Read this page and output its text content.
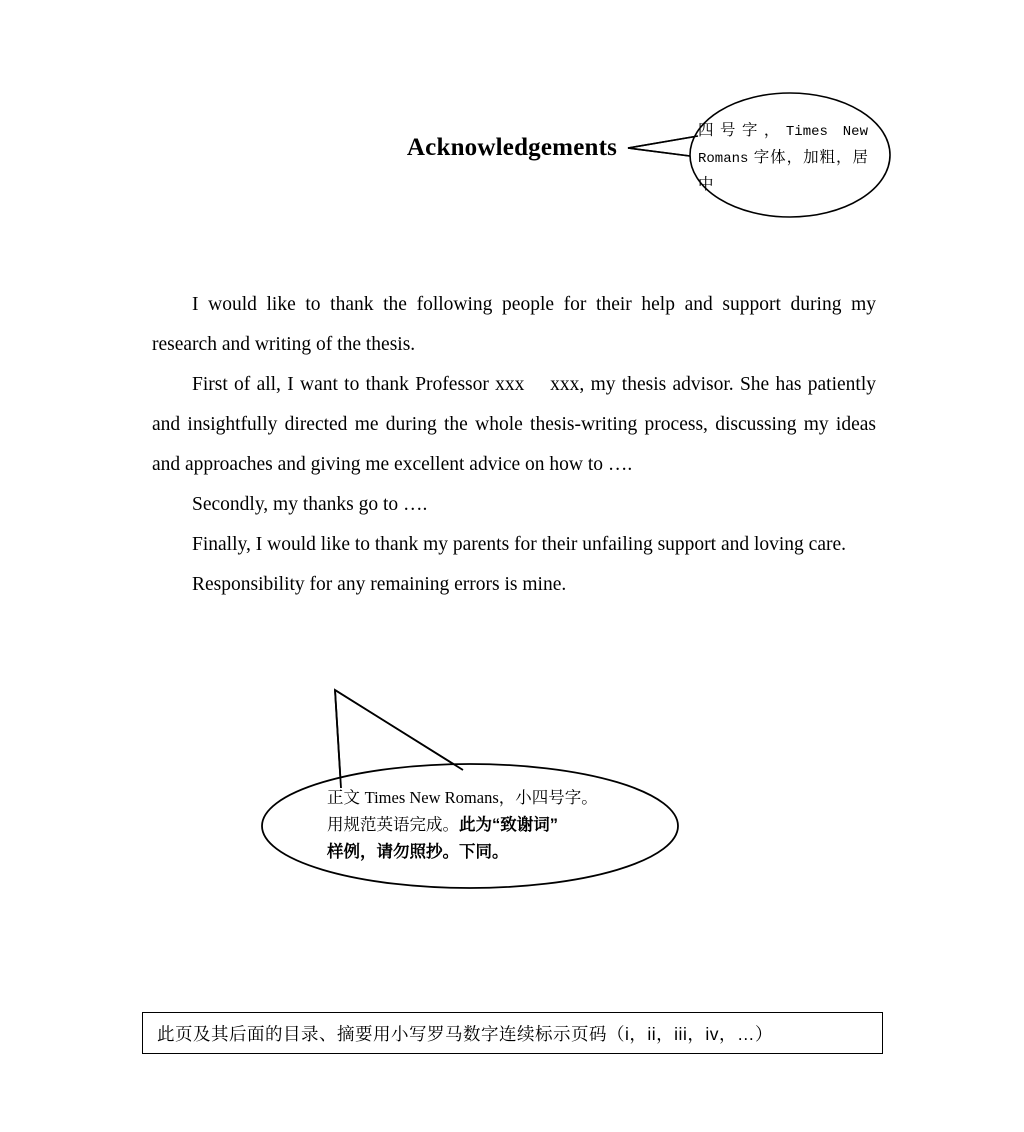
Acknowledgements

I would like to thank the following people for their help and support during my research and writing of the thesis.

First of all, I want to thank Professor xxx  xxx, my thesis advisor. She has patiently and insightfully directed me during the whole thesis-writing process, discussing my ideas and approaches and giving me excellent advice on how to ….

Secondly, my thanks go to ….

Finally, I would like to thank my parents for their unfailing support and loving care.

Responsibility for any remaining errors is mine.

四号字，Times New Romans 字体，加粗，居中
正文 Times New Romans，小四号字。
用规范英语完成。此为“致谢词”
样例，请勿照抄。下同。
此页及其后面的目录、摘要用小写罗马数字连续标示页码（i，ii，iii，iv，…）
